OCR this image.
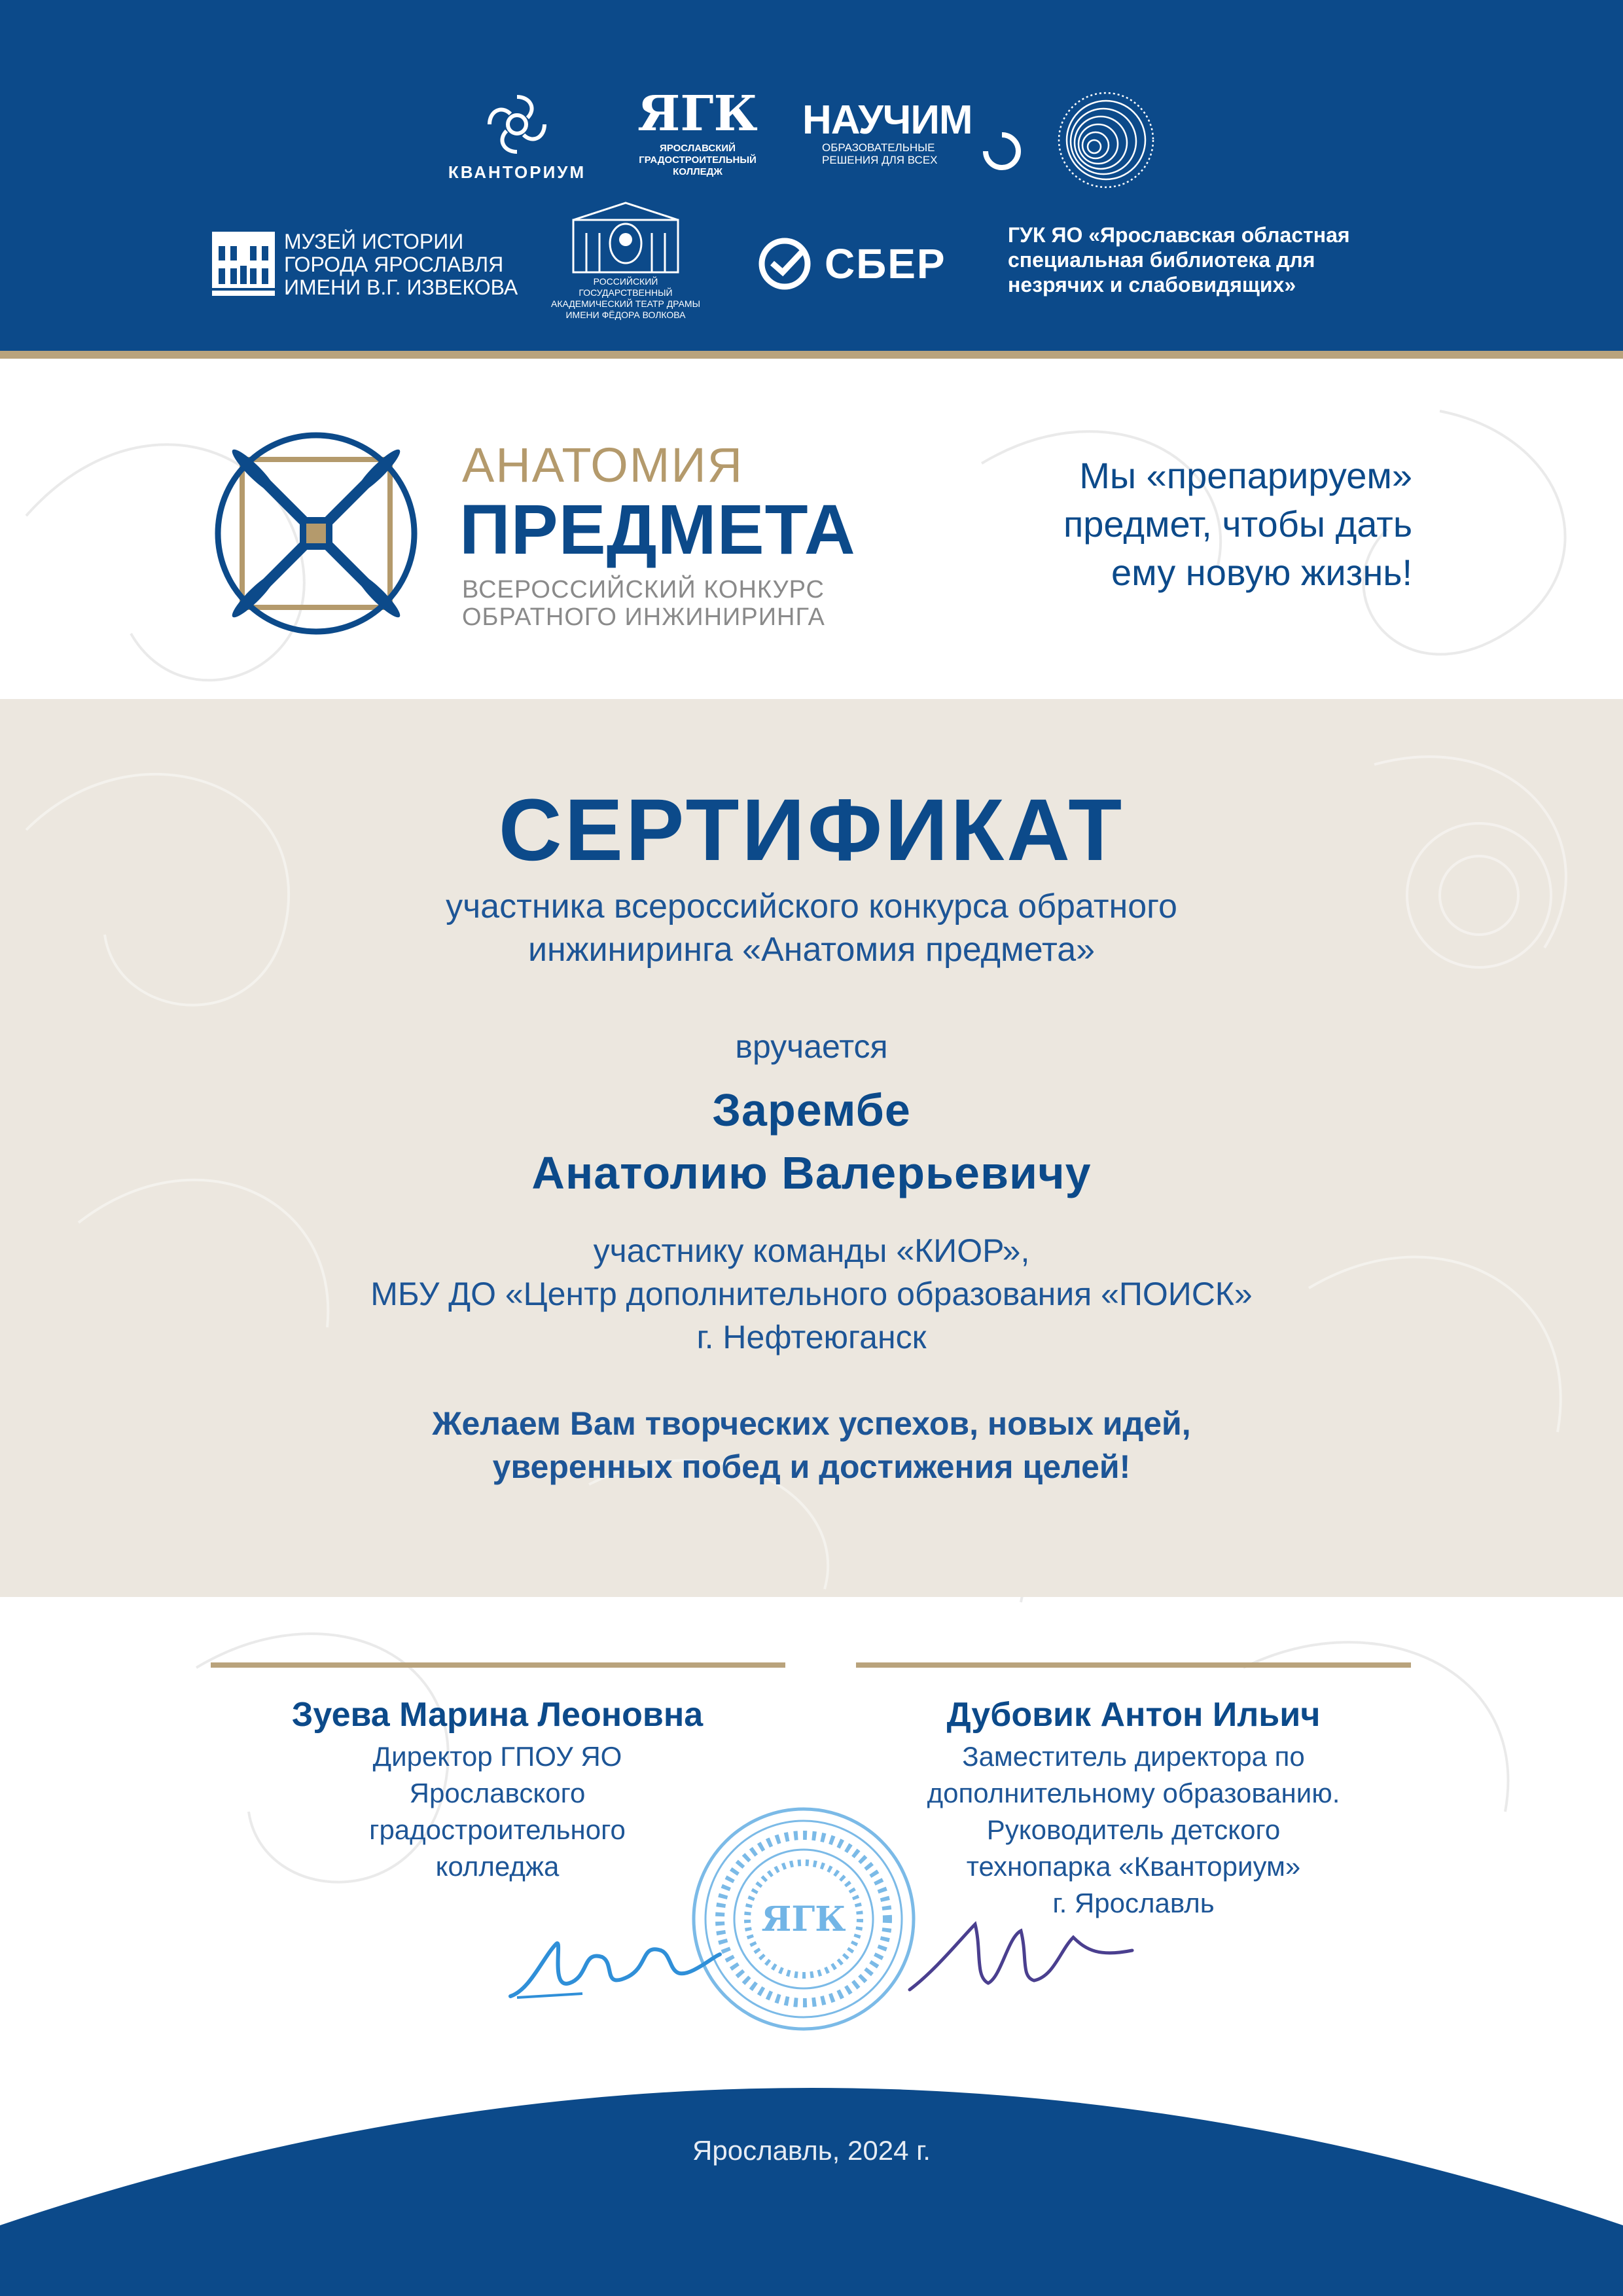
КВАНТОРИУМ
ЯГК
ЯРОСЛАВСКИЙ
ГРАДОСТРОИТЕЛЬНЫЙ
КОЛЛЕДЖ
НАУЧИМ
ОБРАЗОВАТЕЛЬНЫЕ
РЕШЕНИЯ ДЛЯ ВСЕХ
МУЗЕЙ ИСТОРИИ
ГОРОДА ЯРОСЛАВЛЯ
ИМЕНИ В.Г. ИЗВЕКОВА	РОССИЙСКИЙ ГОСУДАРСТВЕННЫЙ
АКАДЕМИЧЕСКИЙ ТЕАТР ДРАМЫ
ИМЕНИ ФЁДОРА ВОЛКОВА
СБЕР
ГУК ЯО «Ярославская областная
специальная библиотека для
незрячих и слабовидящих»
АНАТОМИЯ
ПРЕДМЕТА
ВСЕРОССИЙСКИЙ КОНКУРС
ОБРАТНОГО ИНЖИНИРИНГА
Мы «препарируем»
предмет, чтобы дать
ему новую жизнь!
СЕРТИФИКАТ
участника всероссийского конкурса обратного
инжиниринга «Анатомия предмета»
вручается
Зарембе
Анатолию Валерьевичу
участнику команды «КИОР»,
МБУ ДО «Центр дополнительного образования «ПОИСК»
г. Нефтеюганск
Желаем Вам творческих успехов, новых идей,
уверенных побед и достижения целей!
Зуева Марина Леоновна
Директор ГПОУ ЯО
Ярославского
градостроительного
колледжа
Дубовик Антон Ильич
Заместитель директора по
дополнительному образованию.
Руководитель детского
технопарка «Кванториум»
г. Ярославль
ЯГК
Ярославль, 2024 г.
